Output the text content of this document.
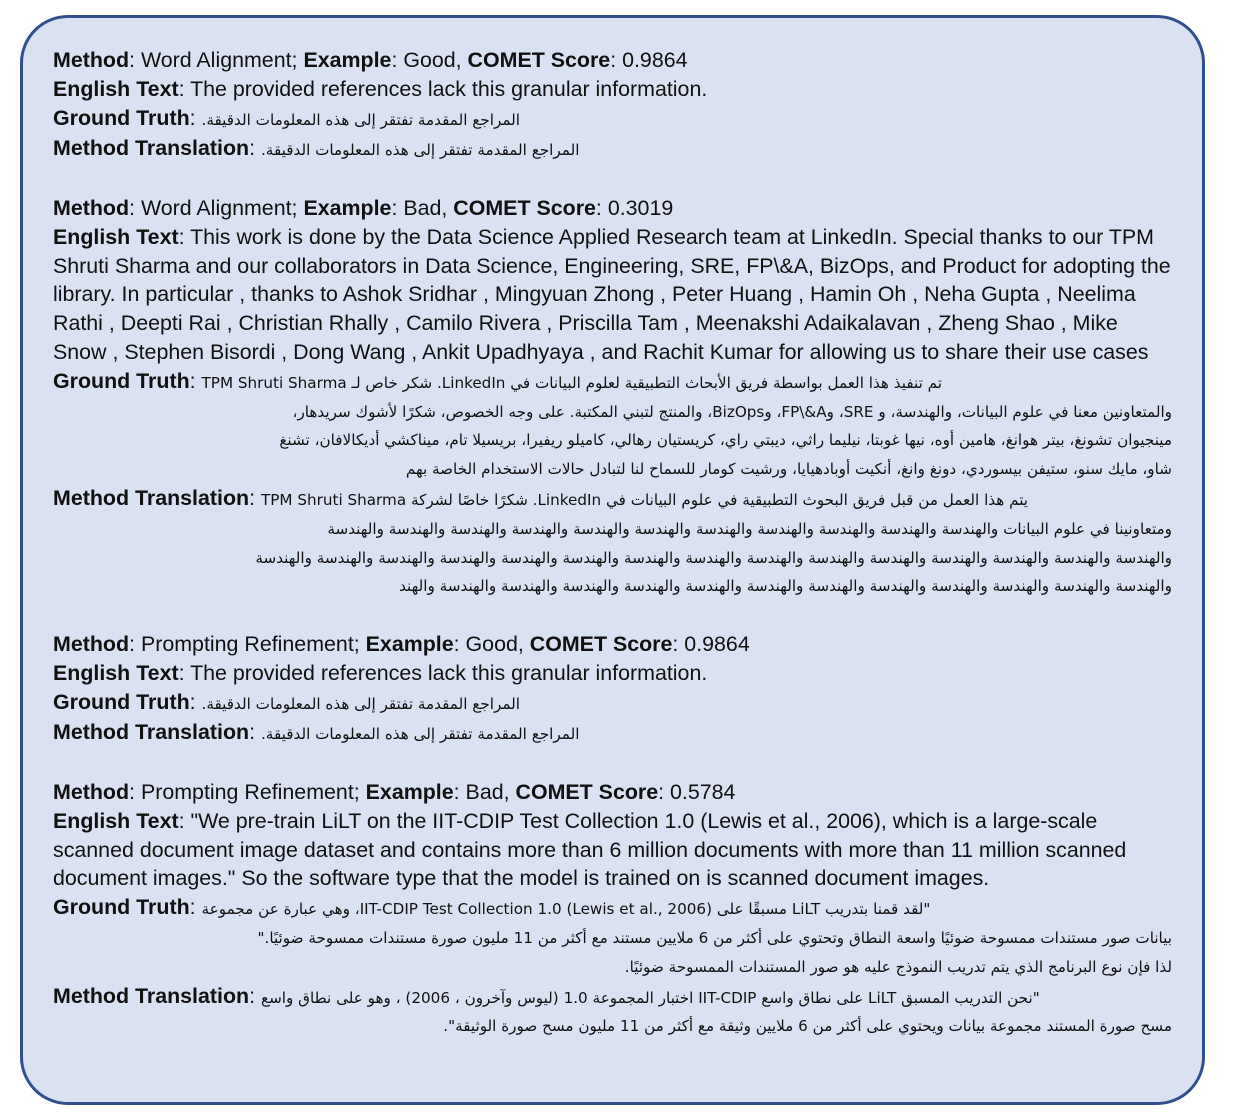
Method: Word Alignment; Example: Good, COMET Score: 0.9864
English Text: The provided references lack this granular information.
Ground Truth: المراجع المقدمة تفتقر إلى هذه المعلومات الدقيقة.
Method Translation: المراجع المقدمة تفتقر إلى هذه المعلومات الدقيقة.
Method: Word Alignment; Example: Bad, COMET Score: 0.3019
English Text: This work is done by the Data Science Applied Research team at LinkedIn. Special thanks to our TPM Shruti Sharma and our collaborators in Data Science, Engineering, SRE, FP\&A, BizOps, and Product for adopting the library. In particular , thanks to Ashok Sridhar , Mingyuan Zhong , Peter Huang , Hamin Oh , Neha Gupta , Neelima Rathi , Deepti Rai , Christian Rhally , Camilo Rivera , Priscilla Tam , Meenakshi Adaikalavan , Zheng Shao , Mike Snow , Stephen Bisordi , Dong Wang , Ankit Upadhyaya , and Rachit Kumar for allowing us to share their use cases
Ground Truth: تم تنفيذ هذا العمل بواسطة فريق الأبحاث التطبيقية لعلوم البيانات في LinkedIn. شكر خاص لـ TPM Shruti Sharma
والمتعاونين معنا في علوم البيانات، والهندسة، و SRE، وFP\&A، وBizOps، والمنتج لتبني المكتبة. على وجه الخصوص، شكرًا لأشوك سريدهار،
مينجيوان تشونغ، بيتر هوانغ، هامين أوه، نيها غوبتا، نيليما راثي، ديبتي راي، كريستيان رهالي، كاميلو ريفيرا، بريسيلا تام، ميناكشي أديكالافان، تشنغ
شاو، مايك سنو، ستيفن بيسوردي، دونغ وانغ، أنكيت أوبادهيايا، ورشيت كومار للسماح لنا لتبادل حالات الاستخدام الخاصة بهم
Method Translation: يتم هذا العمل من قبل فريق البحوث التطبيقية في علوم البيانات في LinkedIn. شكرًا خاصًا لشركة TPM Shruti Sharma
ومتعاونينا في علوم البيانات والهندسة والهندسة والهندسة والهندسة والهندسة والهندسة والهندسة والهندسة والهندسة والهندسة والهندسة
والهندسة والهندسة والهندسة والهندسة والهندسة والهندسة والهندسة والهندسة والهندسة والهندسة والهندسة والهندسة والهندسة والهندسة والهندسة
والهندسة والهندسة والهندسة والهندسة والهندسة والهندسة والهندسة والهندسة والهندسة والهندسة والهندسة والهندسة والهند
Method: Prompting Refinement; Example: Good, COMET Score: 0.9864
English Text: The provided references lack this granular information.
Ground Truth: المراجع المقدمة تفتقر إلى هذه المعلومات الدقيقة.
Method Translation: المراجع المقدمة تفتقر إلى هذه المعلومات الدقيقة.
Method: Prompting Refinement; Example: Bad, COMET Score: 0.5784
English Text: "We pre-train LiLT on the IIT-CDIP Test Collection 1.0 (Lewis et al., 2006), which is a large-scale scanned document image dataset and contains more than 6 million documents with more than 11 million scanned document images." So the software type that the model is trained on is scanned document images.
Ground Truth: "لقد قمنا بتدريب LiLT مسبقًا على IIT-CDIP Test Collection 1.0 (Lewis et al., 2006)، وهي عبارة عن مجموعة
بيانات صور مستندات ممسوحة ضوئيًا واسعة النطاق وتحتوي على أكثر من 6 ملايين مستند مع أكثر من 11 مليون صورة مستندات ممسوحة ضوئيًا."
لذا فإن نوع البرنامج الذي يتم تدريب النموذج عليه هو صور المستندات الممسوحة ضوئيًا.
Method Translation: "نحن التدريب المسبق LiLT على نطاق واسع IIT-CDIP اختبار المجموعة 1.0 (ليوس وآخرون ، 2006) ، وهو على نطاق واسع
مسح صورة المستند مجموعة بيانات ويحتوي على أكثر من 6 ملايين وثيقة مع أكثر من 11 مليون مسح صورة الوثيقة".
